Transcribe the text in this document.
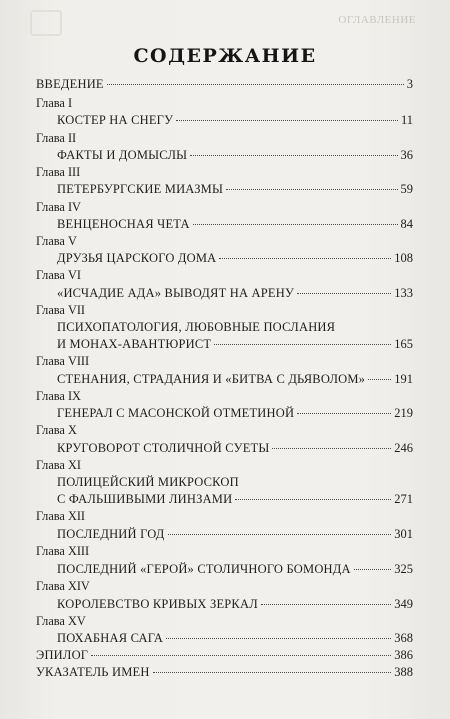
ОГЛАВЛЕНИЕ
СОДЕРЖАНИЕ
ВВЕДЕНИЕ	3
Глава I
КОСТЕР НА СНЕГУ	11
Глава II
ФАКТЫ И ДОМЫСЛЫ	36
Глава III
ПЕТЕРБУРГСКИЕ МИАЗМЫ	59
Глава IV
ВЕНЦЕНОСНАЯ ЧЕТА	84
Глава V
ДРУЗЬЯ ЦАРСКОГО ДОМА	108
Глава VI
«ИСЧАДИЕ АДА» ВЫВОДЯТ НА АРЕНУ	133
Глава VII
ПСИХОПАТОЛОГИЯ, ЛЮБОВНЫЕ ПОСЛАНИЯ
И МОНАХ-АВАНТЮРИСТ	165
Глава VIII
СТЕНАНИЯ, СТРАДАНИЯ И «БИТВА С ДЬЯВОЛОМ» 191
Глава IX
ГЕНЕРАЛ С МАСОНСКОЙ ОТМЕТИНОЙ	219
Глава X
КРУГОВОРОТ СТОЛИЧНОЙ СУЕТЫ	246
Глава XI
ПОЛИЦЕЙСКИЙ МИКРОСКОП
С ФАЛЬШИВЫМИ ЛИНЗАМИ	271
Глава XII
ПОСЛЕДНИЙ ГОД	301
Глава XIII
ПОСЛЕДНИЙ «ГЕРОЙ» СТОЛИЧНОГО БОМОНДА	325
Глава XIV
КОРОЛЕВСТВО КРИВЫХ ЗЕРКАЛ	349
Глава XV
ПОХАБНАЯ САГА	368
ЭПИЛОГ	386
УКАЗАТЕЛЬ ИМЕН	388
